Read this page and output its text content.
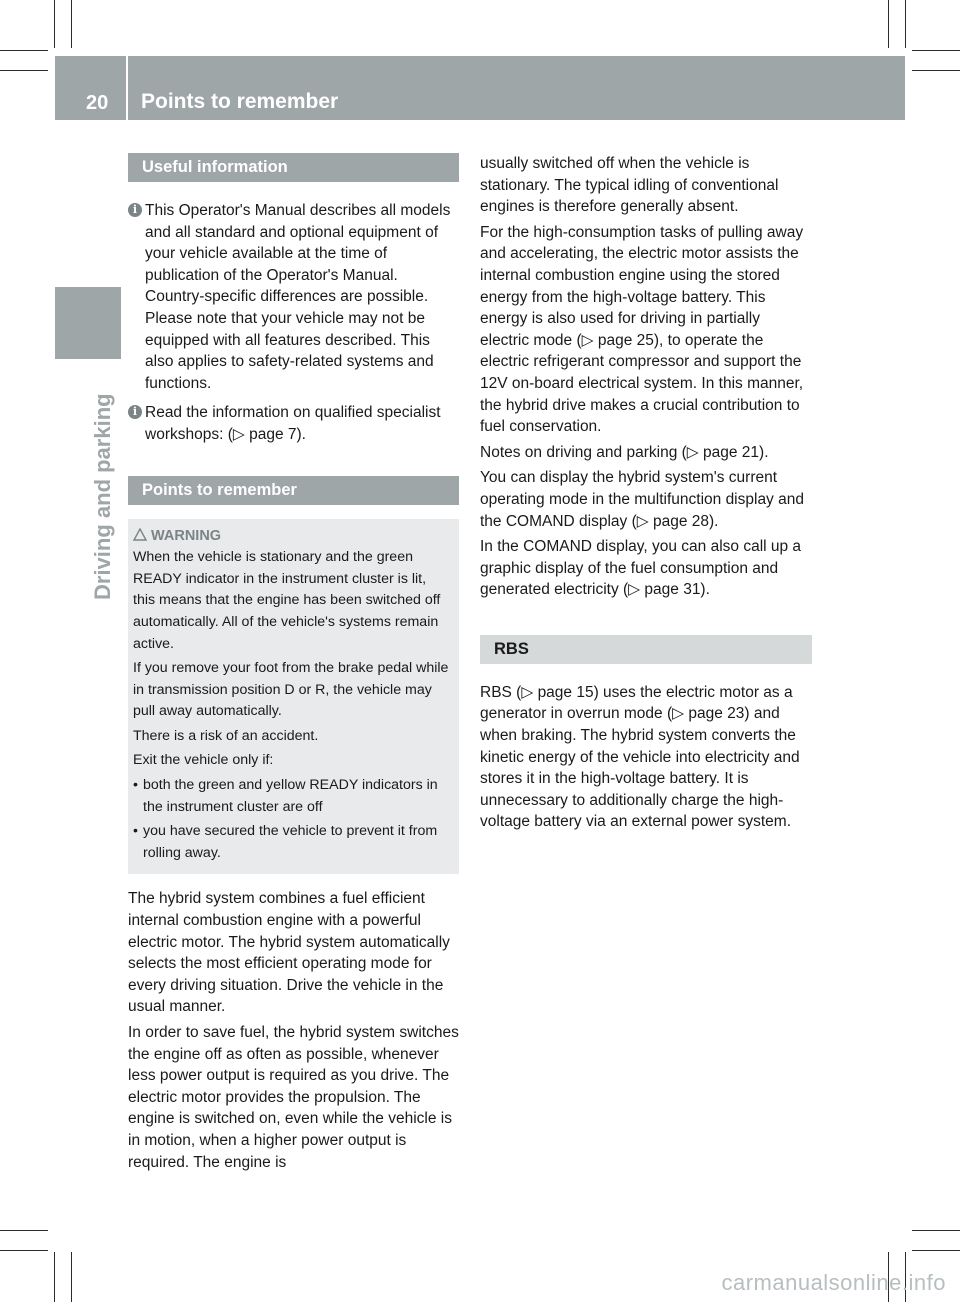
20 Points to remember
Driving and parking
Useful information
i This Operator's Manual describes all models and all standard and optional equipment of your vehicle available at the time of publication of the Operator's Manual. Country-specific differences are possible. Please note that your vehicle may not be equipped with all features described. This also applies to safety-related systems and functions.
i Read the information on qualified specialist workshops: (▷ page 7).
Points to remember
WARNING

When the vehicle is stationary and the green READY indicator in the instrument cluster is lit, this means that the engine has been switched off automatically. All of the vehicle's systems remain active.

If you remove your foot from the brake pedal while in transmission position D or R, the vehicle may pull away automatically.

There is a risk of an accident.

Exit the vehicle only if:

• both the green and yellow READY indicators in the instrument cluster are off
• you have secured the vehicle to prevent it from rolling away.

The hybrid system combines a fuel efficient internal combustion engine with a powerful electric motor. The hybrid system automatically selects the most efficient operating mode for every driving situation. Drive the vehicle in the usual manner.

In order to save fuel, the hybrid system switches the engine off as often as possible, whenever less power output is required as you drive. The electric motor provides the propulsion. The engine is switched on, even while the vehicle is in motion, when a higher power output is required. The engine is

usually switched off when the vehicle is stationary. The typical idling of conventional engines is therefore generally absent.

For the high-consumption tasks of pulling away and accelerating, the electric motor assists the internal combustion engine using the stored energy from the high-voltage battery. This energy is also used for driving in partially electric mode (▷ page 25), to operate the electric refrigerant compressor and support the 12V on-board electrical system. In this manner, the hybrid drive makes a crucial contribution to fuel conservation.

Notes on driving and parking (▷ page 21).

You can display the hybrid system's current operating mode in the multifunction display and the COMAND display (▷ page 28).

In the COMAND display, you can also call up a graphic display of the fuel consumption and generated electricity (▷ page 31).

RBS

RBS (▷ page 15) uses the electric motor as a generator in overrun mode (▷ page 23) and when braking. The hybrid system converts the kinetic energy of the vehicle into electricity and stores it in the high-voltage battery. It is unnecessary to additionally charge the high-voltage battery via an external power system.

carmanualsonline.info
